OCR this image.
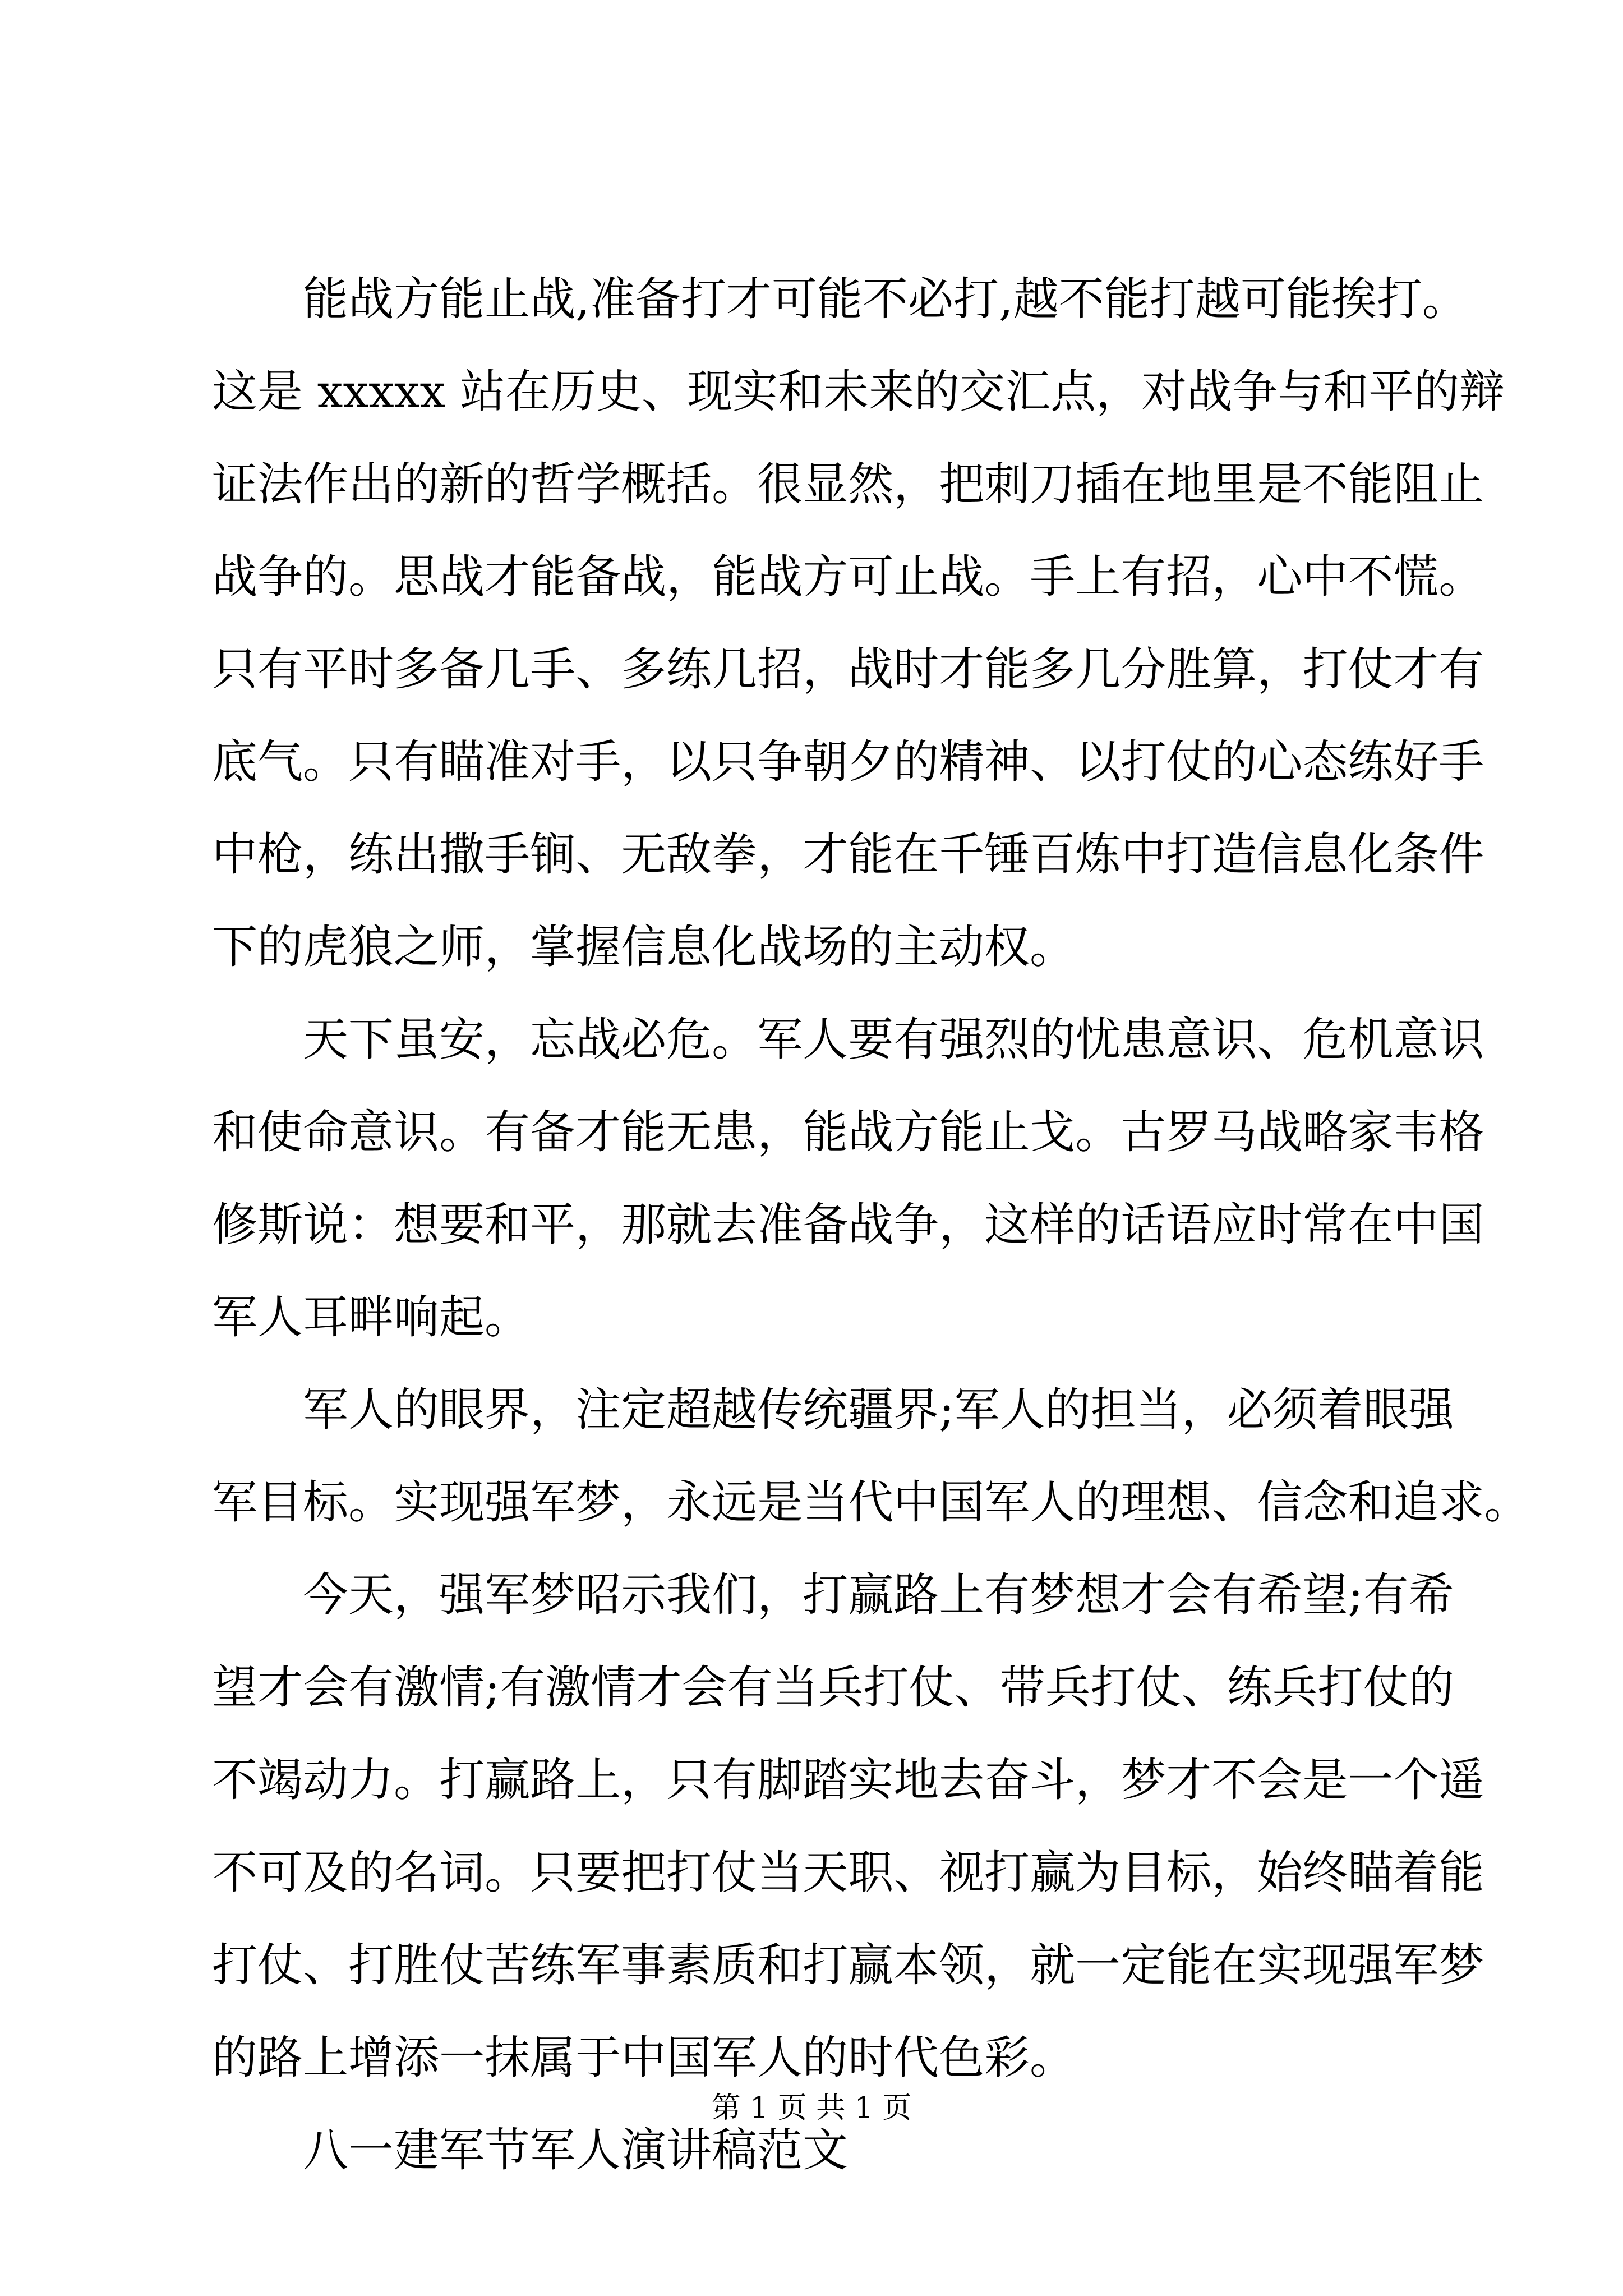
　　能 战 方 能 止 战 , 准 备 打 才 可 能 不 必 打 , 越 不 能 打 越 可 能 挨 打 。
这 是 x x x x x 站 在 历 史 、 现 实 和 未 来 的 交 汇 点 ， 对 战 争 与 和 平 的 辩
证 法 作 出 的 新 的 哲 学 概 括 。 很 显 然 ， 把 刺 刀 插 在 地 里 是 不 能 阻 止
战 争 的 。 思 战 才 能 备 战 ， 能 战 方 可 止 战 。 手 上 有 招 ， 心 中 不 慌 。
只 有 平 时 多 备 几 手 、 多 练 几 招 ， 战 时 才 能 多 几 分 胜 算 ， 打 仗 才 有
底 气 。 只 有 瞄 准 对 手 ， 以 只 争 朝 夕 的 精 神 、 以 打 仗 的 心 态 练 好 手
中 枪 ， 练 出 撒 手 锏 、 无 敌 拳 ， 才 能 在 千 锤 百 炼 中 打 造 信 息 化 条 件
下的虎狼之师，掌握信息化战场的主动权。
　　天 下 虽 安 ， 忘 战 必 危 。 军 人 要 有 强 烈 的 忧 患 意 识 、 危 机 意 识
和 使 命 意 识 。 有 备 才 能 无 患 ， 能 战 方 能 止 戈 。 古 罗 马 战 略 家 韦 格
修 斯 说 ： 想 要 和 平 ， 那 就 去 准 备 战 争 ， 这 样 的 话 语 应 时 常 在 中 国
军人耳畔响起。
　　军 人 的 眼 界 ， 注 定 超 越 传 统 疆 界 ; 军 人 的 担 当 ， 必 须 着 眼 强
军 目 标 。 实 现 强 军 梦 ， 永 远 是 当 代 中 国 军 人 的 理 想 、 信 念 和 追 求 。
　　今 天 ， 强 军 梦 昭 示 我 们 ， 打 赢 路 上 有 梦 想 才 会 有 希 望 ; 有 希
望 才 会 有 激 情 ; 有 激 情 才 会 有 当 兵 打 仗 、 带 兵 打 仗 、 练 兵 打 仗 的
不 竭 动 力 。 打 赢 路 上 ， 只 有 脚 踏 实 地 去 奋 斗 ， 梦 才 不 会 是 一 个 遥
不 可 及 的 名 词 。 只 要 把 打 仗 当 天 职 、 视 打 赢 为 目 标 ， 始 终 瞄 着 能
打 仗 、 打 胜 仗 苦 练 军 事 素 质 和 打 赢 本 领 ， 就 一 定 能 在 实 现 强 军 梦
的路上增添一抹属于中国军人的时代色彩。
　　八一建军节军人演讲稿范文
第 1 页 共 1 页
